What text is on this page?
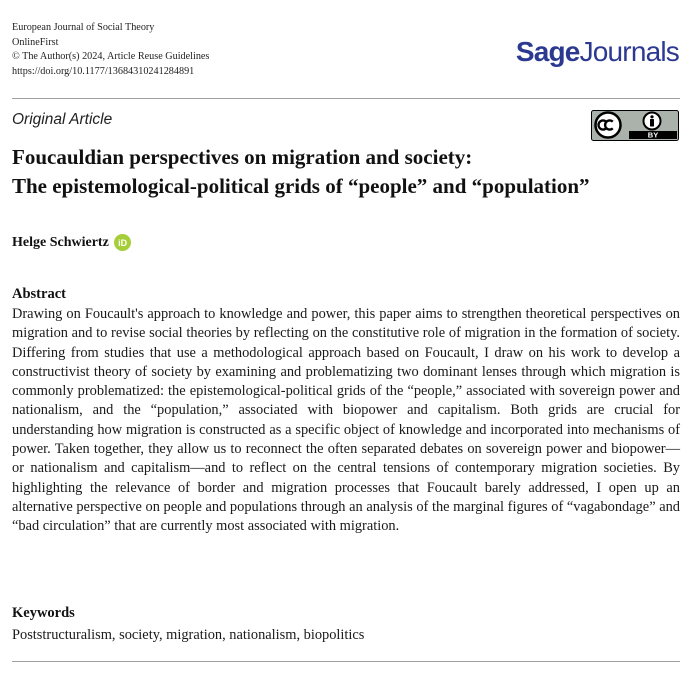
European Journal of Social Theory
OnlineFirst
© The Author(s) 2024, Article Reuse Guidelines
https://doi.org/10.1177/13684310241284891
SageJournals
Original Article
BY
Foucauldian perspectives on migration and society:
The epistemological-political grids of “people” and “population”
Helge Schwiertz iD
Abstract
Drawing on Foucault's approach to knowledge and power, this paper aims to strengthen theoretical perspectives on migration and to revise social theories by reflecting on the constitutive role of migration in the formation of society. Differing from studies that use a methodological approach based on Foucault, I draw on his work to develop a constructivist theory of society by examining and problematizing two dominant lenses through which migration is commonly problematized: the epistemological-political grids of the “people,” associated with sovereign power and nationalism, and the “population,” associated with biopower and capitalism. Both grids are crucial for understanding how migration is constructed as a specific object of knowledge and incorporated into mechanisms of power. Taken together, they allow us to reconnect the often separated debates on sovereign power and biopower—or nationalism and capitalism—and to reflect on the central tensions of contemporary migration societies. By highlighting the relevance of border and migration processes that Foucault barely addressed, I open up an alternative perspective on people and populations through an analysis of the marginal figures of “vagabondage” and “bad circulation” that are currently most associated with migration.
Keywords
Poststructuralism, society, migration, nationalism, biopolitics
